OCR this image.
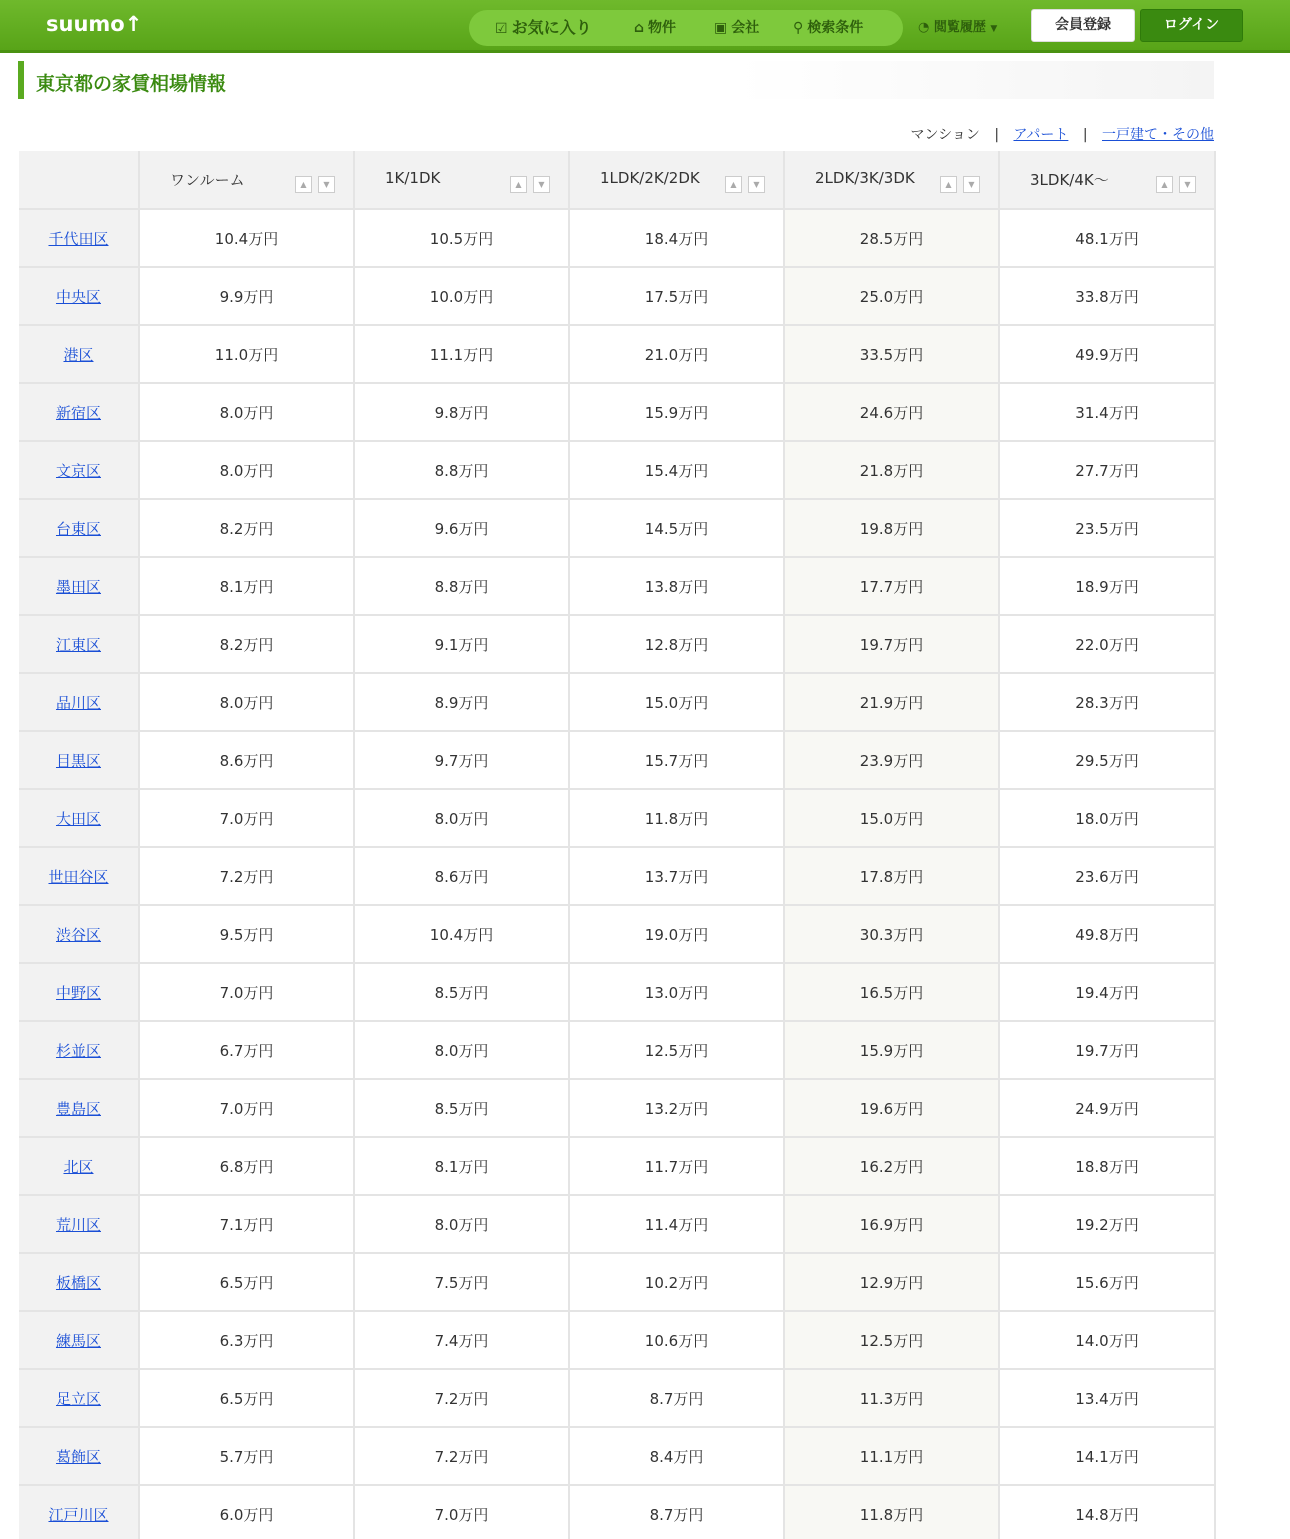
suumo↑	☑ お気に入り	⌂ 物件	▣ 会社 ⚲ 検索条件	◔ 閲覧履歴 ▼	会員登録	ログイン
東京都の家賃相場情報
マンション | アパート | 一戸建て・その他

	ワンルーム ▲ ▼	1K/1DK ▲ ▼	1LDK/2K/2DK ▲ ▼	2LDK/3K/3DK ▲ ▼	3LDK/4K〜 ▲ ▼

千代田区	10.4万円	10.5万円	18.4万円	28.5万円	48.1万円
中央区	9.9万円	10.0万円	17.5万円	25.0万円	33.8万円
港区	11.0万円	11.1万円	21.0万円	33.5万円	49.9万円
新宿区	8.0万円	9.8万円	15.9万円	24.6万円	31.4万円
文京区	8.0万円	8.8万円	15.4万円	21.8万円	27.7万円
台東区	8.2万円	9.6万円	14.5万円	19.8万円	23.5万円
墨田区	8.1万円	8.8万円	13.8万円	17.7万円	18.9万円
江東区	8.2万円	9.1万円	12.8万円	19.7万円	22.0万円
品川区	8.0万円	8.9万円	15.0万円	21.9万円	28.3万円
目黒区	8.6万円	9.7万円	15.7万円	23.9万円	29.5万円
大田区	7.0万円	8.0万円	11.8万円	15.0万円	18.0万円
世田谷区	7.2万円	8.6万円	13.7万円	17.8万円	23.6万円
渋谷区	9.5万円	10.4万円	19.0万円	30.3万円	49.8万円
中野区	7.0万円	8.5万円	13.0万円	16.5万円	19.4万円
杉並区	6.7万円	8.0万円	12.5万円	15.9万円	19.7万円
豊島区	7.0万円	8.5万円	13.2万円	19.6万円	24.9万円
北区	6.8万円	8.1万円	11.7万円	16.2万円	18.8万円
荒川区	7.1万円	8.0万円	11.4万円	16.9万円	19.2万円
板橋区	6.5万円	7.5万円	10.2万円	12.9万円	15.6万円
練馬区	6.3万円	7.4万円	10.6万円	12.5万円	14.0万円
足立区	6.5万円	7.2万円	8.7万円	11.3万円	13.4万円
葛飾区	5.7万円	7.2万円	8.4万円	11.1万円	14.1万円
江戸川区	6.0万円	7.0万円	8.7万円	11.8万円	14.8万円
